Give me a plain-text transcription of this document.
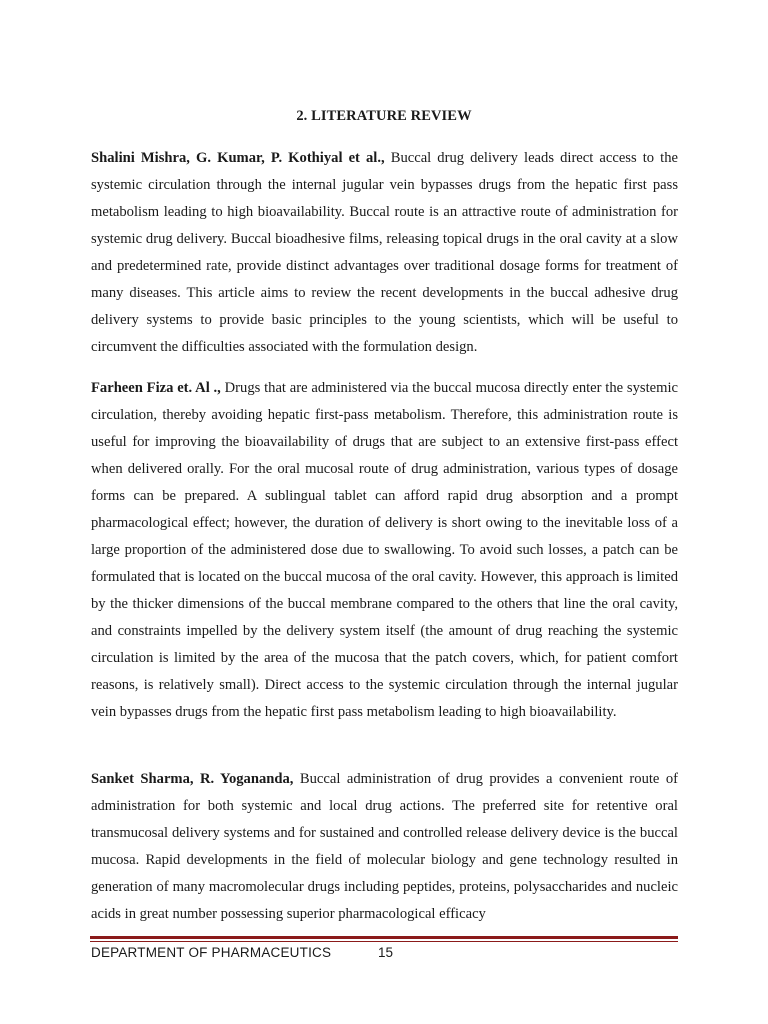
2. LITERATURE REVIEW

Shalini Mishra, G. Kumar, P. Kothiyal et al., Buccal drug delivery leads direct access to the systemic circulation through the internal jugular vein bypasses drugs from the hepatic first pass metabolism leading to high bioavailability. Buccal route is an attractive route of administration for systemic drug delivery. Buccal bioadhesive films, releasing topical drugs in the oral cavity at a slow and predetermined rate, provide distinct advantages over traditional dosage forms for treatment of many diseases. This article aims to review the recent developments in the buccal adhesive drug delivery systems to provide basic principles to the young scientists, which will be useful to circumvent the difficulties associated with the formulation design.

Farheen Fiza et. Al ., Drugs that are administered via the buccal mucosa directly enter the systemic circulation, thereby avoiding hepatic first-pass metabolism. Therefore, this administration route is useful for improving the bioavailability of drugs that are subject to an extensive first-pass effect when delivered orally. For the oral mucosal route of drug administration, various types of dosage forms can be prepared. A sublingual tablet can afford rapid drug absorption and a prompt pharmacological effect; however, the duration of delivery is short owing to the inevitable loss of a large proportion of the administered dose due to swallowing. To avoid such losses, a patch can be formulated that is located on the buccal mucosa of the oral cavity. However, this approach is limited by the thicker dimensions of the buccal membrane compared to the others that line the oral cavity, and constraints impelled by the delivery system itself (the amount of drug reaching the systemic circulation is limited by the area of the mucosa that the patch covers, which, for patient comfort reasons, is relatively small). Direct access to the systemic circulation through the internal jugular vein bypasses drugs from the hepatic first pass metabolism leading to high bioavailability.

Sanket Sharma, R. Yogananda, Buccal administration of drug provides a convenient route of administration for both systemic and local drug actions. The preferred site for retentive oral transmucosal delivery systems and for sustained and controlled release delivery device is the buccal mucosa. Rapid developments in the field of molecular biology and gene technology resulted in generation of many macromolecular drugs including peptides, proteins, polysaccharides and nucleic acids in great number possessing superior pharmacological efficacy

DEPARTMENT OF PHARMACEUTICS	15
